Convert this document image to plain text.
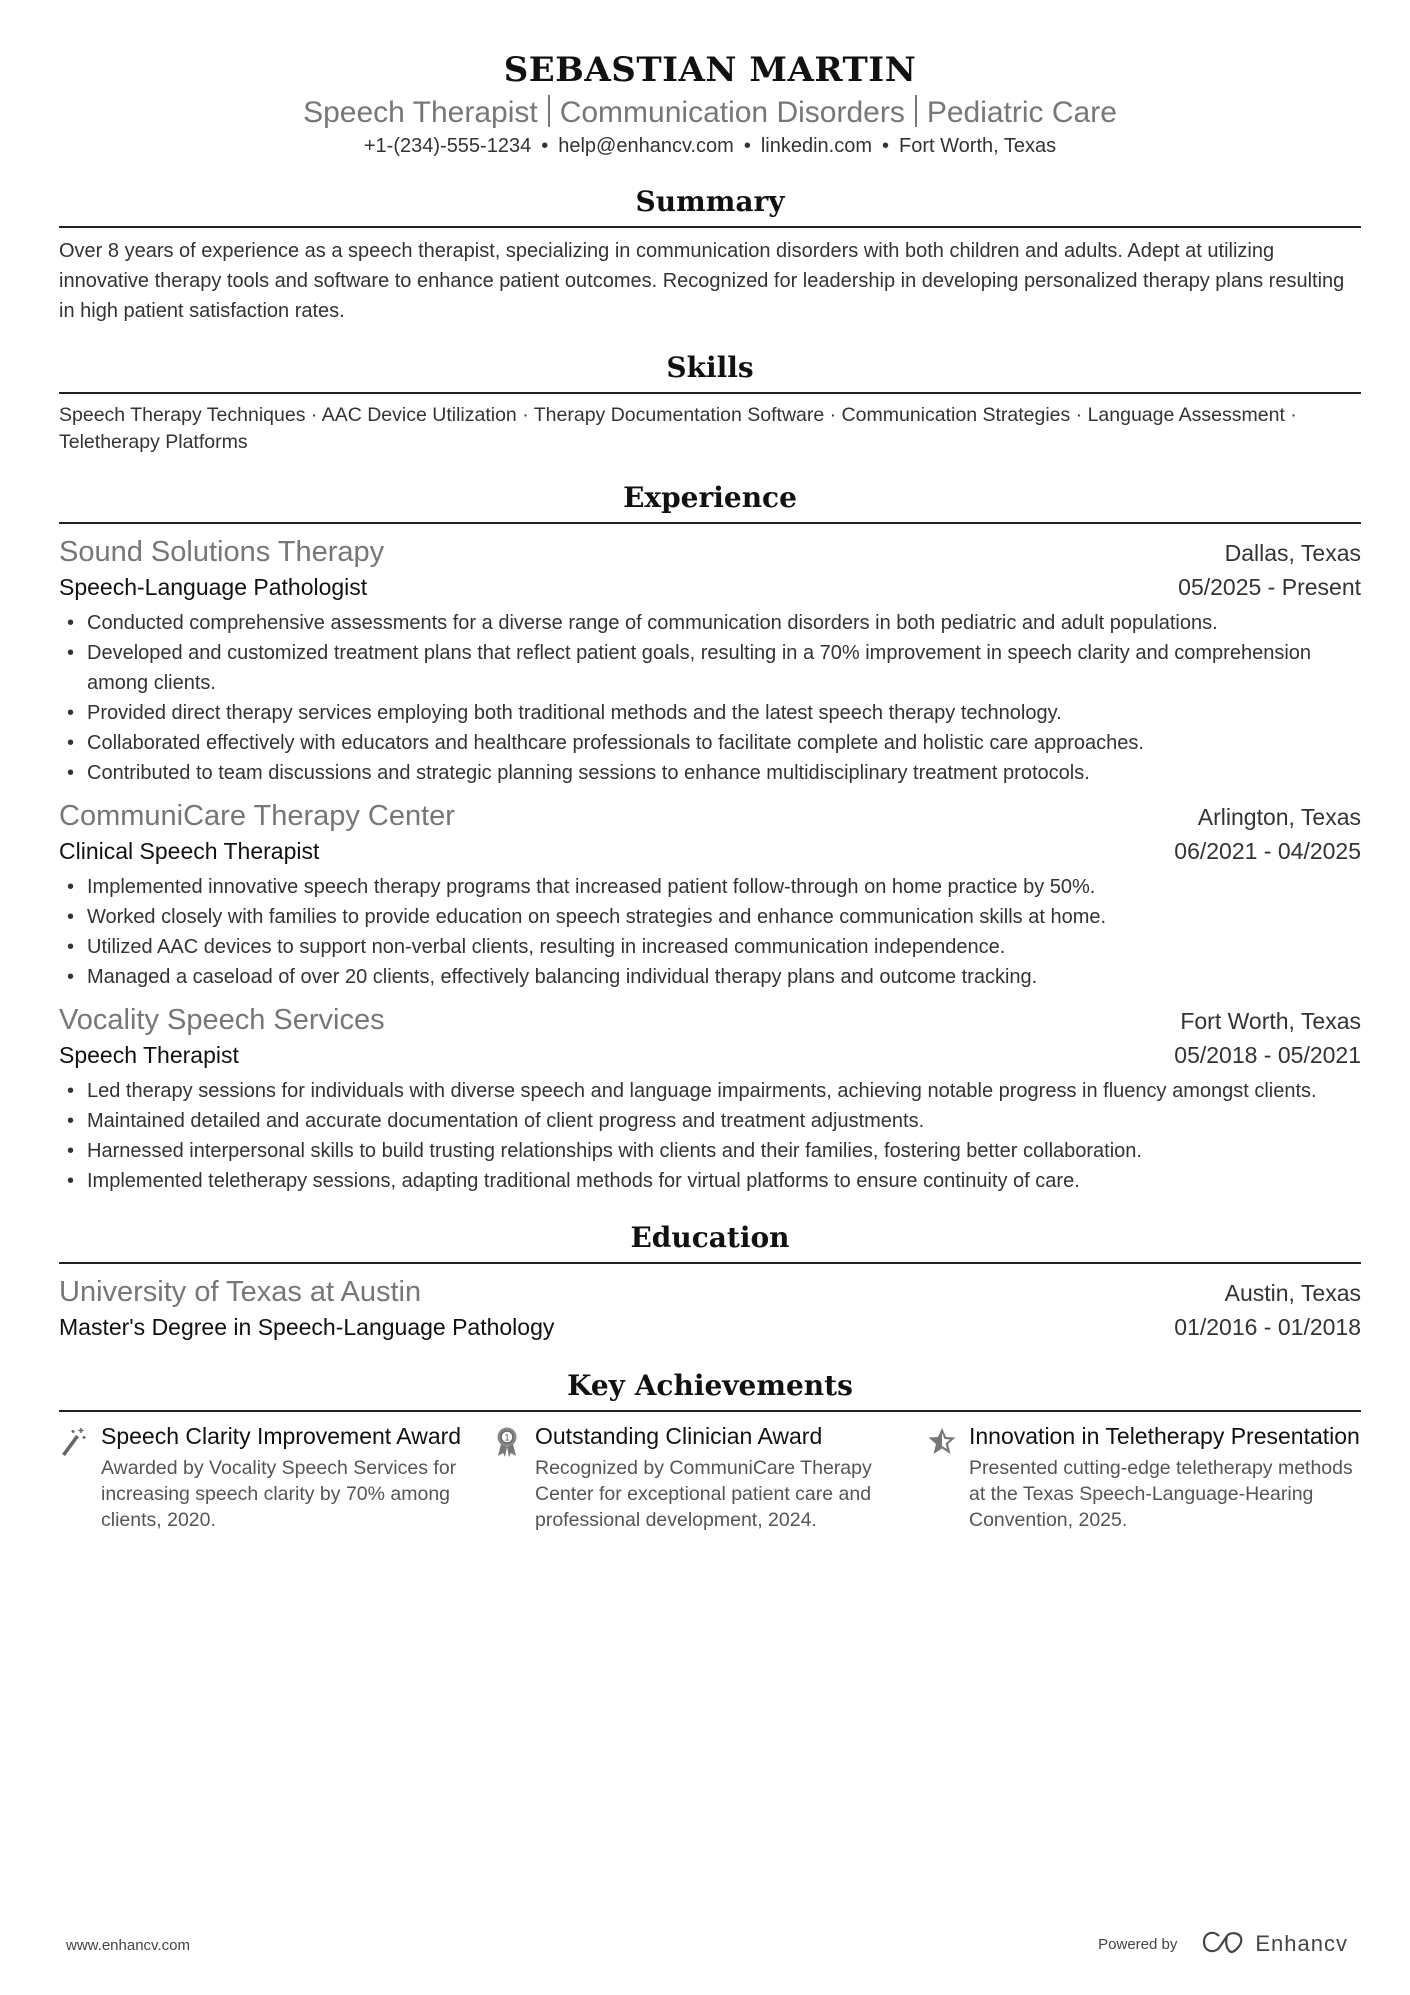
SEBASTIAN MARTIN
Speech Therapist Communication Disorders Pediatric Care
+1-(234)-555-1234 • help@enhancv.com • linkedin.com • Fort Worth, Texas
Summary
Over 8 years of experience as a speech therapist, specializing in communication disorders with both children and adults. Adept at utilizing innovative therapy tools and software to enhance patient outcomes. Recognized for leadership in developing personalized therapy plans resulting in high patient satisfaction rates.
Skills
Speech Therapy Techniques · AAC Device Utilization · Therapy Documentation Software · Communication Strategies · Language Assessment · Teletherapy Platforms
Experience
Sound Solutions Therapy	Dallas, Texas
Speech-Language Pathologist	05/2025 - Present
• Conducted comprehensive assessments for a diverse range of communication disorders in both pediatric and adult populations.
• Developed and customized treatment plans that reflect patient goals, resulting in a 70% improvement in speech clarity and comprehension among clients.
• Provided direct therapy services employing both traditional methods and the latest speech therapy technology.
• Collaborated effectively with educators and healthcare professionals to facilitate complete and holistic care approaches.
• Contributed to team discussions and strategic planning sessions to enhance multidisciplinary treatment protocols.
CommuniCare Therapy Center	Arlington, Texas
Clinical Speech Therapist	06/2021 - 04/2025
• Implemented innovative speech therapy programs that increased patient follow-through on home practice by 50%.
• Worked closely with families to provide education on speech strategies and enhance communication skills at home.
• Utilized AAC devices to support non-verbal clients, resulting in increased communication independence.
• Managed a caseload of over 20 clients, effectively balancing individual therapy plans and outcome tracking.
Vocality Speech Services	Fort Worth, Texas
Speech Therapist	05/2018 - 05/2021
• Led therapy sessions for individuals with diverse speech and language impairments, achieving notable progress in fluency amongst clients.
• Maintained detailed and accurate documentation of client progress and treatment adjustments.
• Harnessed interpersonal skills to build trusting relationships with clients and their families, fostering better collaboration.
• Implemented teletherapy sessions, adapting traditional methods for virtual platforms to ensure continuity of care.
Education
University of Texas at Austin	Austin, Texas
Master's Degree in Speech-Language Pathology	01/2016 - 01/2018
Key Achievements
Speech Clarity Improvement Award
Awarded by Vocality Speech Services for increasing speech clarity by 70% among clients, 2020.
1 Outstanding Clinician Award
Recognized by CommuniCare Therapy Center for exceptional patient care and professional development, 2024.
Innovation in Teletherapy Presentation
Presented cutting-edge teletherapy methods at the Texas Speech-Language-Hearing Convention, 2025.
www.enhancv.com	Powered by	Enhancv
